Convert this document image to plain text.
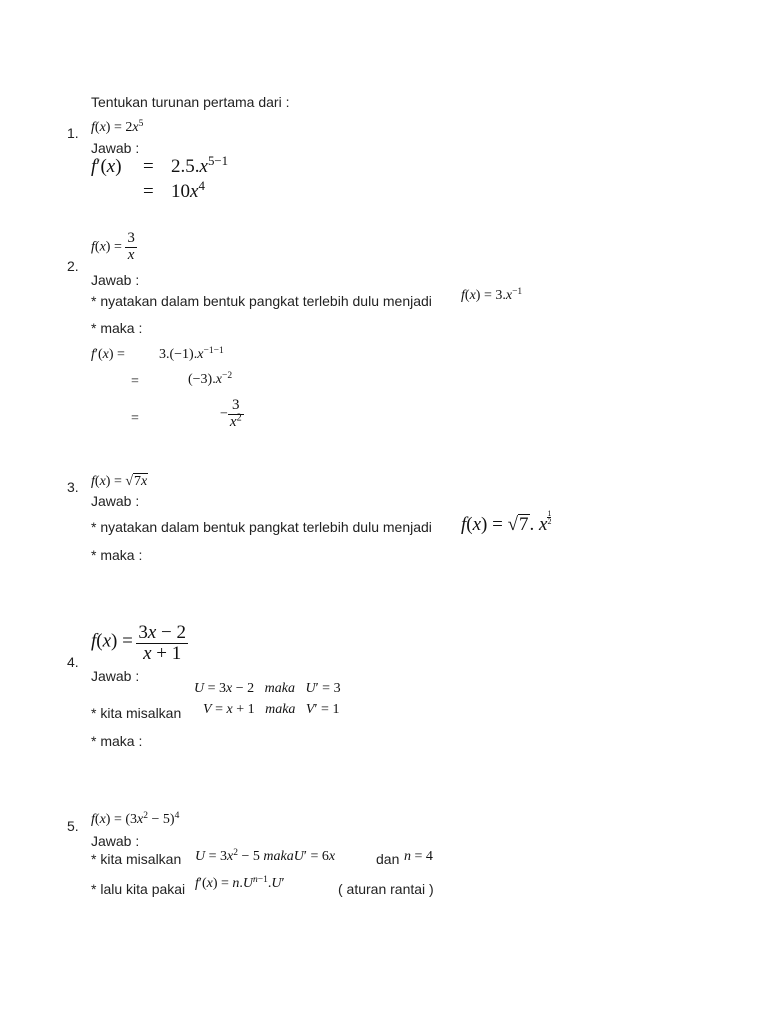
Tentukan turunan pertama dari :
1. $f(x) = 2x^5$
Jawab :
$f'(x) = 2.5.x^{5-1}$
= $10x^4$
2.
$f(x) = \frac{3}{x}$
Jawab :
* nyatakan dalam bentuk pangkat terlebih dulu menjadi $f(x) = 3.x^{-1}$
* maka :
$f'(x) = 3.(-1).x^{-1-1}$
=	$(-3).x^{-2}$
=	− $\frac{3}{x^2}$
3. f(x) = √7x
Jawab :
* nyatakan dalam bentuk pangkat terlebih dulu menjadi f(x) = √7. x $\frac{1}{2}$
* maka :
4.
$f(x) = \frac{3x - 2}{x + 1}$
Jawab :
U = 3x − 2   maka U′ = 3
* kita misalkan V = x + 1   maka V′ = 1
* maka :
5. $f(x) = (3x^2 - 5)^4$
Jawab :
* kita misalkan $U = 3x^2 - 5$ makaU′ = 6x	dan n = 4
* lalu kita pakai $f'(x) = n.U^{n-1}.U'$	( aturan rantai )
